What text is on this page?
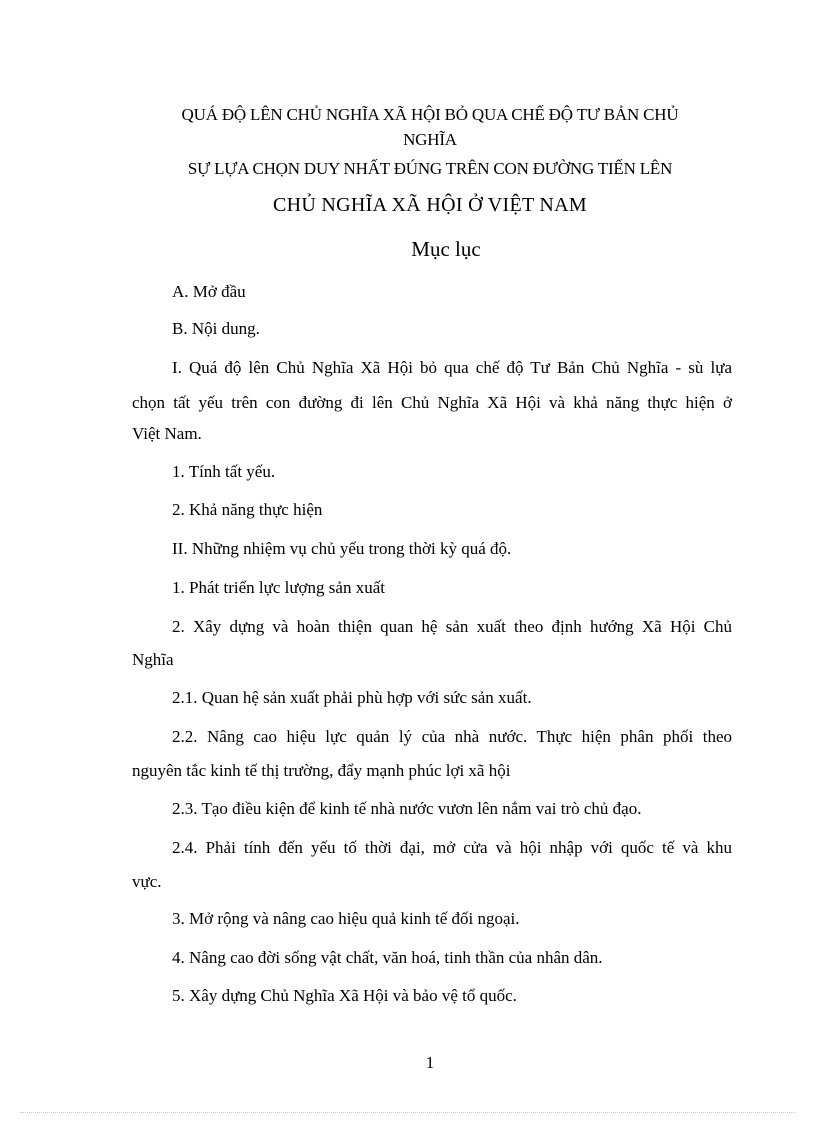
QUÁ ĐỘ LÊN CHỦ NGHĨA XÃ HỘI BỎ QUA CHẾ ĐỘ TƯ BẢN CHỦ
NGHĨA
SỰ LỰA CHỌN DUY NHẤT ĐÚNG TRÊN CON ĐƯỜNG TIẾN LÊN
CHỦ NGHĨA XÃ HỘI Ở VIỆT NAM
Mục lục
A. Mở đầu
B. Nội dung.
I. Quá độ lên Chủ Nghĩa Xã Hội bỏ qua chế độ Tư Bản Chủ Nghĩa - sù lựa
chọn tất yếu trên con đường đi lên Chủ Nghĩa Xã Hội và khả năng thực hiện ở
Việt Nam.
1. Tính tất yếu.
2. Khả năng thực hiện
II. Những nhiệm vụ chủ yếu trong thời kỳ quá độ.
1. Phát triển lực lượng sản xuất
2. Xây dựng và hoàn thiện quan hệ sản xuất theo định hướng Xã Hội Chủ
Nghĩa
2.1. Quan hệ sản xuất phải phù hợp với sức sản xuất.
2.2. Nâng cao hiệu lực quản lý của nhà nước. Thực hiện phân phối theo
nguyên tắc kinh tế thị trường, đẩy mạnh phúc lợi xã hội
2.3. Tạo điều kiện để kinh tế nhà nước vươn lên nắm vai trò chủ đạo.
2.4. Phải tính đến yếu tố thời đại, mở cửa và hội nhập với quốc tế và khu
vực.
3. Mở rộng và nâng cao hiệu quả kinh tế đối ngoại.
4. Nâng cao đời sống vật chất, văn hoá, tinh thần của nhân dân.
5. Xây dựng Chủ Nghĩa Xã Hội và bảo vệ tổ quốc.
1
